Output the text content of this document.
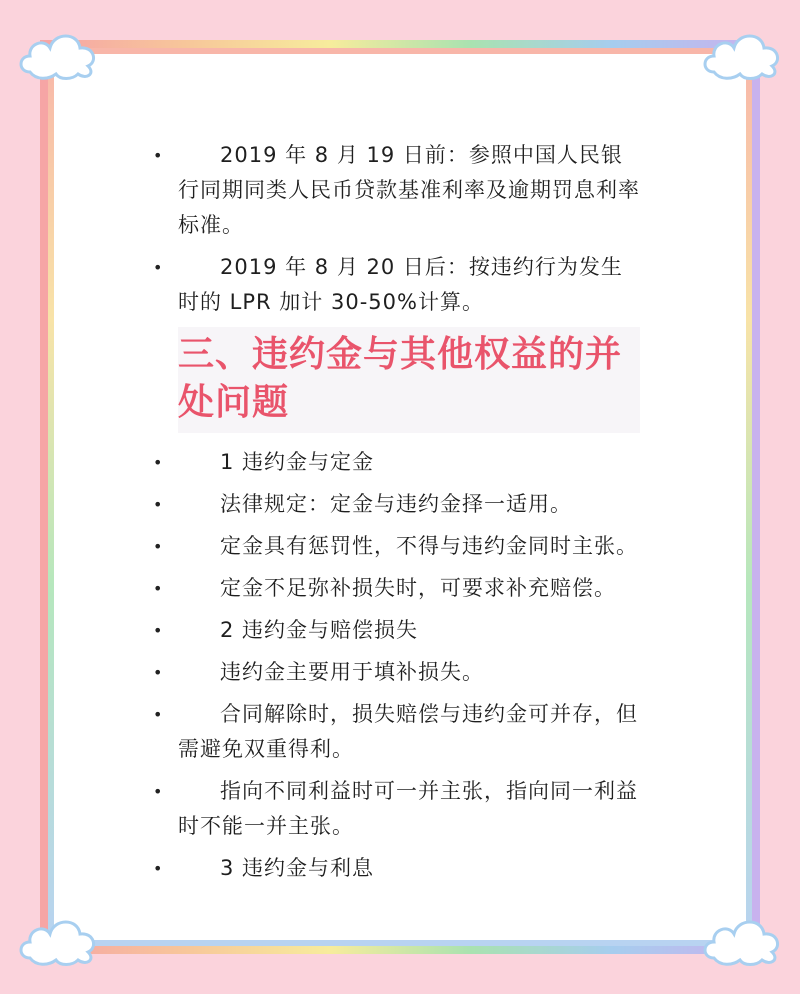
•	2019 年 8 月 19 日前：参照中国人民银行同期同类人民币贷款基准利率及逾期罚息利率标准。
•	2019 年 8 月 20 日后：按违约行为发生时的 LPR 加计 30-50%计算。
三、违约金与其他权益的并处问题
•	1 违约金与定金
•	法律规定：定金与违约金择一适用。
•	定金具有惩罚性，不得与违约金同时主张。
•	定金不足弥补损失时，可要求补充赔偿。
•	2 违约金与赔偿损失
•	违约金主要用于填补损失。
•	合同解除时，损失赔偿与违约金可并存，但需避免双重得利。
•	指向不同利益时可一并主张，指向同一利益时不能一并主张。
•	3 违约金与利息
